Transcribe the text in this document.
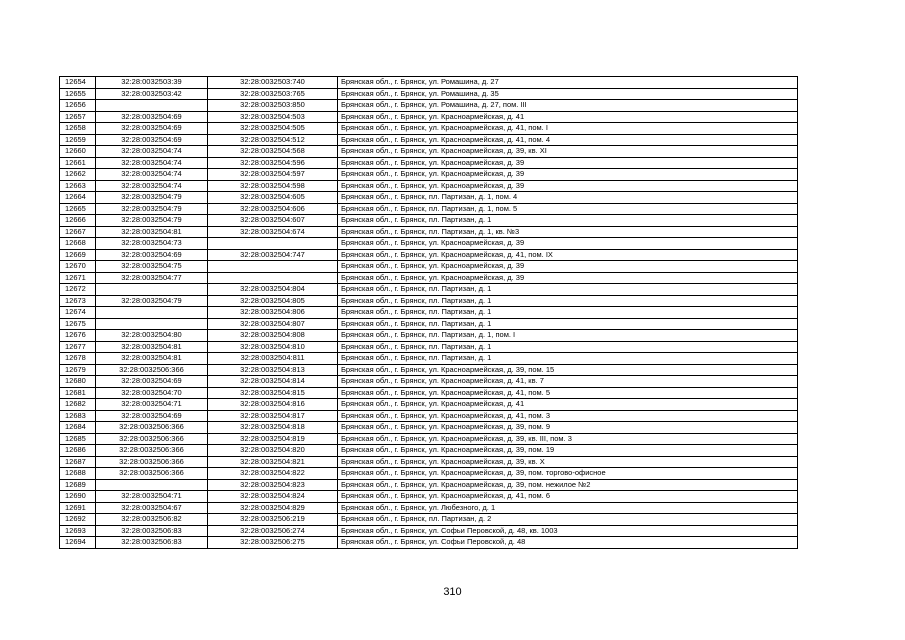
12654	32:28:0032503:39	32:28:0032503:740	Брянская обл., г. Брянск, ул. Ромашина, д. 27
12655	32:28:0032503:42	32:28:0032503:765	Брянская обл., г. Брянск, ул. Ромашина, д. 35
12656		32:28:0032503:850	Брянская обл., г. Брянск, ул. Ромашина, д. 27, пом. III
12657	32:28:0032504:69	32:28:0032504:503	Брянская обл., г. Брянск, ул. Красноармейская, д. 41
12658	32:28:0032504:69	32:28:0032504:505	Брянская обл., г. Брянск, ул. Красноармейская, д. 41, пом. I
12659	32:28:0032504:69	32:28:0032504:512	Брянская обл., г. Брянск, ул. Красноармейская, д. 41, пом. 4
12660	32:28:0032504:74	32:28:0032504:568	Брянская обл., г. Брянск, ул. Красноармейская, д. 39, кв. XI
12661	32:28:0032504:74	32:28:0032504:596	Брянская обл., г. Брянск, ул. Красноармейская, д. 39
12662	32:28:0032504:74	32:28:0032504:597	Брянская обл., г. Брянск, ул. Красноармейская, д. 39
12663	32:28:0032504:74	32:28:0032504:598	Брянская обл., г. Брянск, ул. Красноармейская, д. 39
12664	32:28:0032504:79	32:28:0032504:605	Брянская обл., г. Брянск, пл. Партизан, д. 1, пом. 4
12665	32:28:0032504:79	32:28:0032504:606	Брянская обл., г. Брянск, пл. Партизан, д. 1, пом. 5
12666	32:28:0032504:79	32:28:0032504:607	Брянская обл., г. Брянск, пл. Партизан, д. 1
12667	32:28:0032504:81	32:28:0032504:674	Брянская обл., г. Брянск, пл. Партизан, д. 1, кв. №3
12668	32:28:0032504:73		Брянская обл., г. Брянск, ул. Красноармейская, д. 39
12669	32:28:0032504:69	32:28:0032504:747	Брянская обл., г. Брянск, ул. Красноармейская, д. 41, пом. IX
12670	32:28:0032504:75		Брянская обл., г. Брянск, ул. Красноармейская, д. 39
12671	32:28:0032504:77		Брянская обл., г. Брянск, ул. Красноармейская, д. 39
12672		32:28:0032504:804	Брянская обл., г. Брянск, пл. Партизан, д. 1
12673	32:28:0032504:79	32:28:0032504:805	Брянская обл., г. Брянск, пл. Партизан, д. 1
12674		32:28:0032504:806	Брянская обл., г. Брянск, пл. Партизан, д. 1
12675		32:28:0032504:807	Брянская обл., г. Брянск, пл. Партизан, д. 1
12676	32:28:0032504:80	32:28:0032504:808	Брянская обл., г. Брянск, пл. Партизан, д. 1, пом. I
12677	32:28:0032504:81	32:28:0032504:810	Брянская обл., г. Брянск, пл. Партизан, д. 1
12678	32:28:0032504:81	32:28:0032504:811	Брянская обл., г. Брянск, пл. Партизан, д. 1
12679	32:28:0032506:366	32:28:0032504:813	Брянская обл., г. Брянск, ул. Красноармейская, д. 39, пом. 15
12680	32:28:0032504:69	32:28:0032504:814	Брянская обл., г. Брянск, ул. Красноармейская, д. 41, кв. 7
12681	32:28:0032504:70	32:28:0032504:815	Брянская обл., г. Брянск, ул. Красноармейская, д. 41, пом. 5
12682	32:28:0032504:71	32:28:0032504:816	Брянская обл., г. Брянск, ул. Красноармейская, д. 41
12683	32:28:0032504:69	32:28:0032504:817	Брянская обл., г. Брянск, ул. Красноармейская, д. 41, пом. 3
12684	32:28:0032506:366	32:28:0032504:818	Брянская обл., г. Брянск, ул. Красноармейская, д. 39, пом. 9
12685	32:28:0032506:366	32:28:0032504:819	Брянская обл., г. Брянск, ул. Красноармейская, д. 39, кв. III, пом. 3
12686	32:28:0032506:366	32:28:0032504:820	Брянская обл., г. Брянск, ул. Красноармейская, д. 39, пом. 19
12687	32:28:0032506:366	32:28:0032504:821	Брянская обл., г. Брянск, ул. Красноармейская, д. 39, кв. X
12688	32:28:0032506:366	32:28:0032504:822	Брянская обл., г. Брянск, ул. Красноармейская, д. 39, пом. торгово-офисное
12689		32:28:0032504:823	Брянская обл., г. Брянск, ул. Красноармейская, д. 39, пом. нежилое №2
12690	32:28:0032504:71	32:28:0032504:824	Брянская обл., г. Брянск, ул. Красноармейская, д. 41, пом. 6
12691	32:28:0032504:67	32:28:0032504:829	Брянская обл., г. Брянск, ул. Любезного, д. 1
12692	32:28:0032506:82	32:28:0032506:219	Брянская обл., г. Брянск, пл. Партизан, д. 2
12693	32:28:0032506:83	32:28:0032506:274	Брянская обл., г. Брянск, ул. Софьи Перовской, д. 48, кв. 1003
12694	32:28:0032506:83	32:28:0032506:275	Брянская обл., г. Брянск, ул. Софьи Перовской, д. 48
310
